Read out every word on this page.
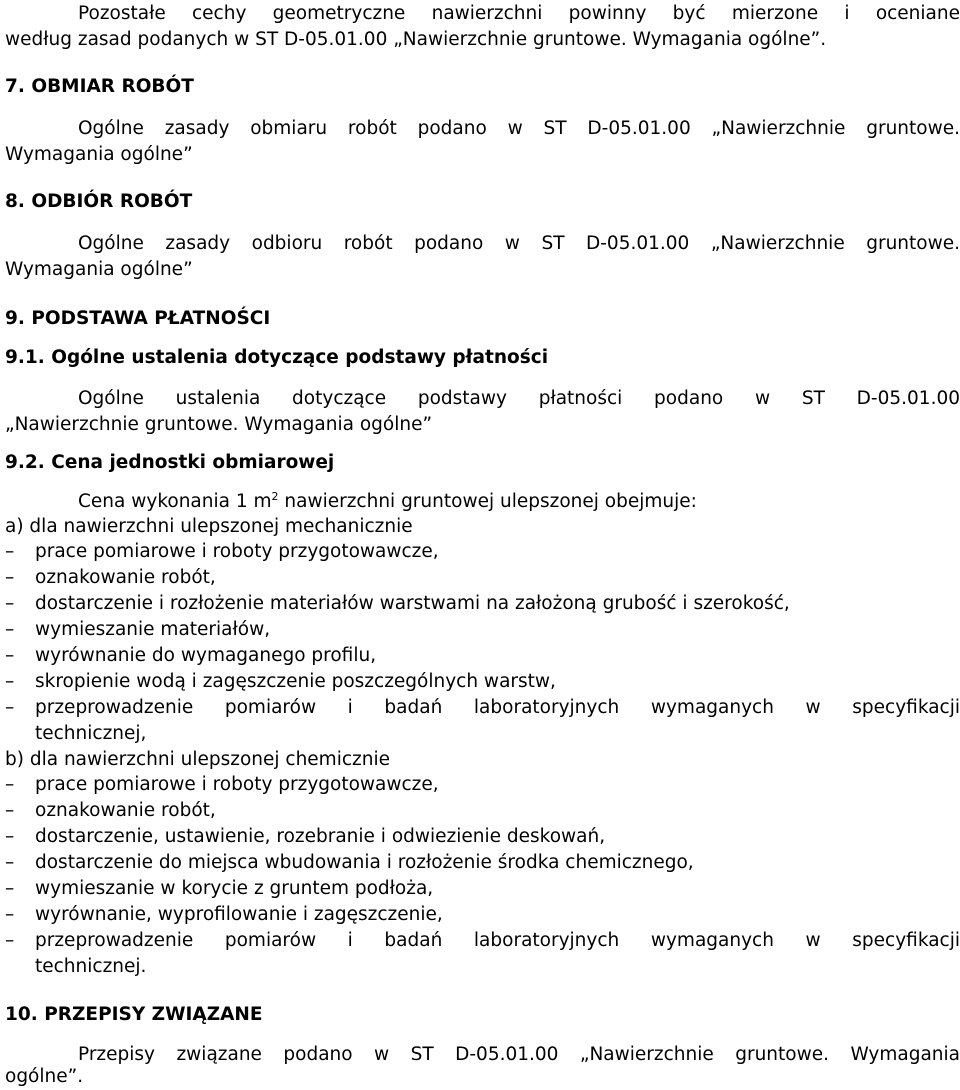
Pozostałe cechy geometryczne nawierzchni powinny być mierzone i oceniane
według zasad podanych w ST D-05.01.00 „Nawierzchnie gruntowe. Wymagania ogólne”.
7. OBMIAR ROBÓT
Ogólne zasady obmiaru robót podano w ST D-05.01.00 „Nawierzchnie gruntowe.
Wymagania ogólne”
8. ODBIÓR ROBÓT
Ogólne zasady odbioru robót podano w ST D-05.01.00 „Nawierzchnie gruntowe.
Wymagania ogólne”
9. PODSTAWA PŁATNOŚCI
9.1. Ogólne ustalenia dotyczące podstawy płatności
Ogólne ustalenia dotyczące podstawy płatności podano w ST D-05.01.00
„Nawierzchnie gruntowe. Wymagania ogólne”
9.2. Cena jednostki obmiarowej
Cena wykonania 1 $m^2$ nawierzchni gruntowej ulepszonej obejmuje:
a) dla nawierzchni ulepszonej mechanicznie
– prace pomiarowe i roboty przygotowawcze,
– oznakowanie robót,
– dostarczenie i rozłożenie materiałów warstwami na założoną grubość i szerokość,
– wymieszanie materiałów,
– wyrównanie do wymaganego profilu,
– skropienie wodą i zagęszczenie poszczególnych warstw,
– przeprowadzenie pomiarów i badań laboratoryjnych wymaganych w specyfikacji
technicznej,
b) dla nawierzchni ulepszonej chemicznie
– prace pomiarowe i roboty przygotowawcze,
– oznakowanie robót,
– dostarczenie, ustawienie, rozebranie i odwiezienie deskowań,
– dostarczenie do miejsca wbudowania i rozłożenie środka chemicznego,
– wymieszanie w korycie z gruntem podłoża,
– wyrównanie, wyprofilowanie i zagęszczenie,
– przeprowadzenie pomiarów i badań laboratoryjnych wymaganych w specyfikacji
technicznej.
10. PRZEPISY ZWIĄZANE
Przepisy związane podano w ST D-05.01.00 „Nawierzchnie gruntowe. Wymagania
ogólne”.
